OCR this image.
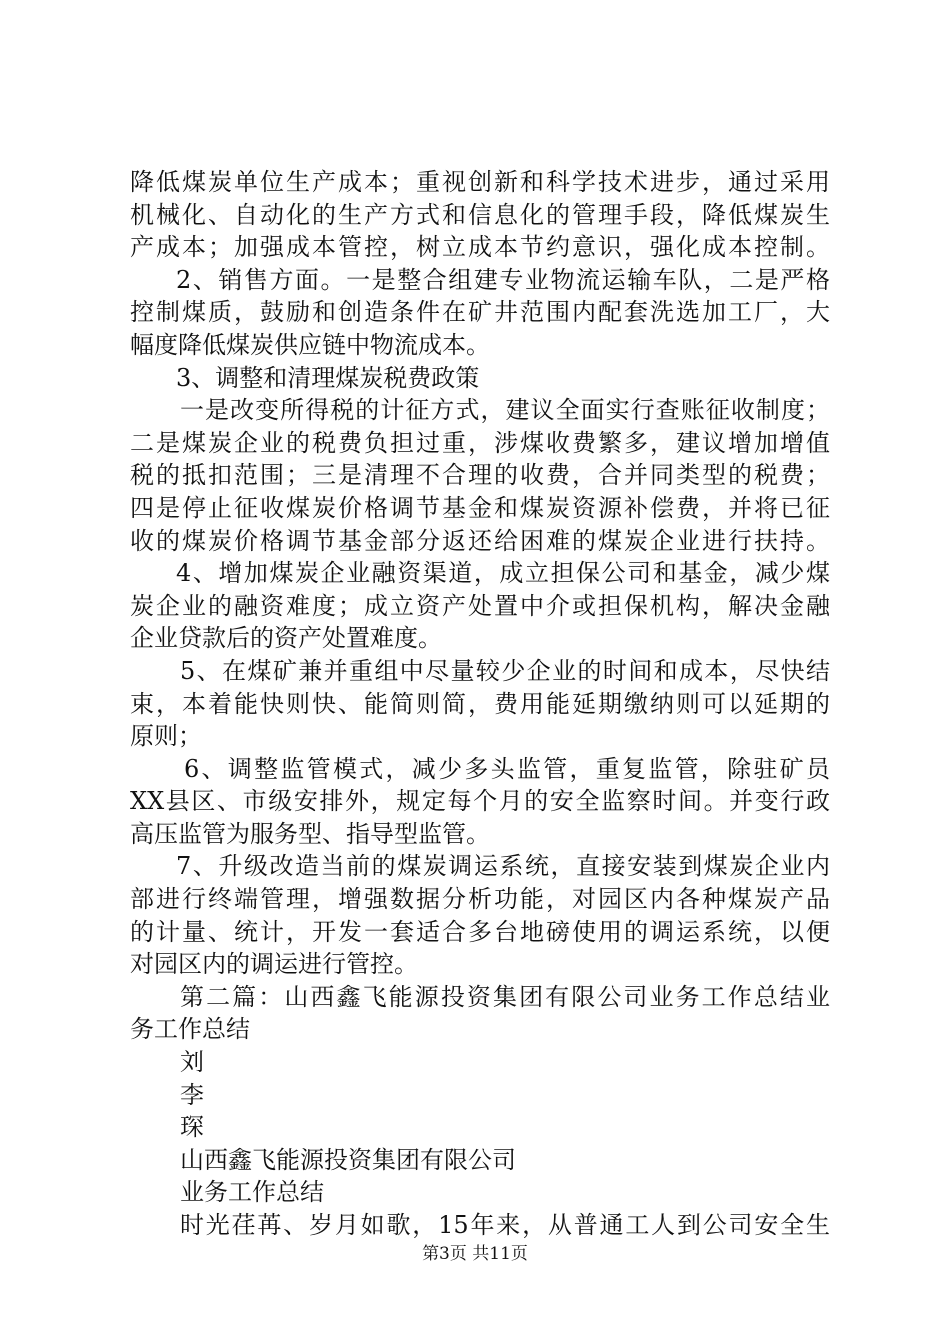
降低煤炭单位生产成本；重视创新和科学技术进步，通过采用
机械化、自动化的生产方式和信息化的管理手段，降低煤炭生
产成本；加强成本管控，树立成本节约意识，强化成本控制。
2、销售方面。一是整合组建专业物流运输车队，二是严格
控制煤质，鼓励和创造条件在矿井范围内配套洗选加工厂，大
幅度降低煤炭供应链中物流成本。
3、调整和清理煤炭税费政策
一是改变所得税的计征方式，建议全面实行查账征收制度；
二是煤炭企业的税费负担过重，涉煤收费繁多，建议增加增值
税的抵扣范围；三是清理不合理的收费，合并同类型的税费；
四是停止征收煤炭价格调节基金和煤炭资源补偿费，并将已征
收的煤炭价格调节基金部分返还给困难的煤炭企业进行扶持。
4、增加煤炭企业融资渠道，成立担保公司和基金，减少煤
炭企业的融资难度；成立资产处置中介或担保机构，解决金融
企业贷款后的资产处置难度。
5、在煤矿兼并重组中尽量较少企业的时间和成本，尽快结
束，本着能快则快、能简则简，费用能延期缴纳则可以延期的
原则；
6、调整监管模式，减少多头监管，重复监管，除驻矿员
XX县区、市级安排外，规定每个月的安全监察时间。并变行政
高压监管为服务型、指导型监管。
7、升级改造当前的煤炭调运系统，直接安装到煤炭企业内
部进行终端管理，增强数据分析功能，对园区内各种煤炭产品
的计量、统计，开发一套适合多台地磅使用的调运系统，以便
对园区内的调运进行管控。
第二篇：山西鑫飞能源投资集团有限公司业务工作总结业
务工作总结
刘
李
琛
山西鑫飞能源投资集团有限公司
业务工作总结
时光荏苒、岁月如歌，15年来，从普通工人到公司安全生
第3页 共11页
